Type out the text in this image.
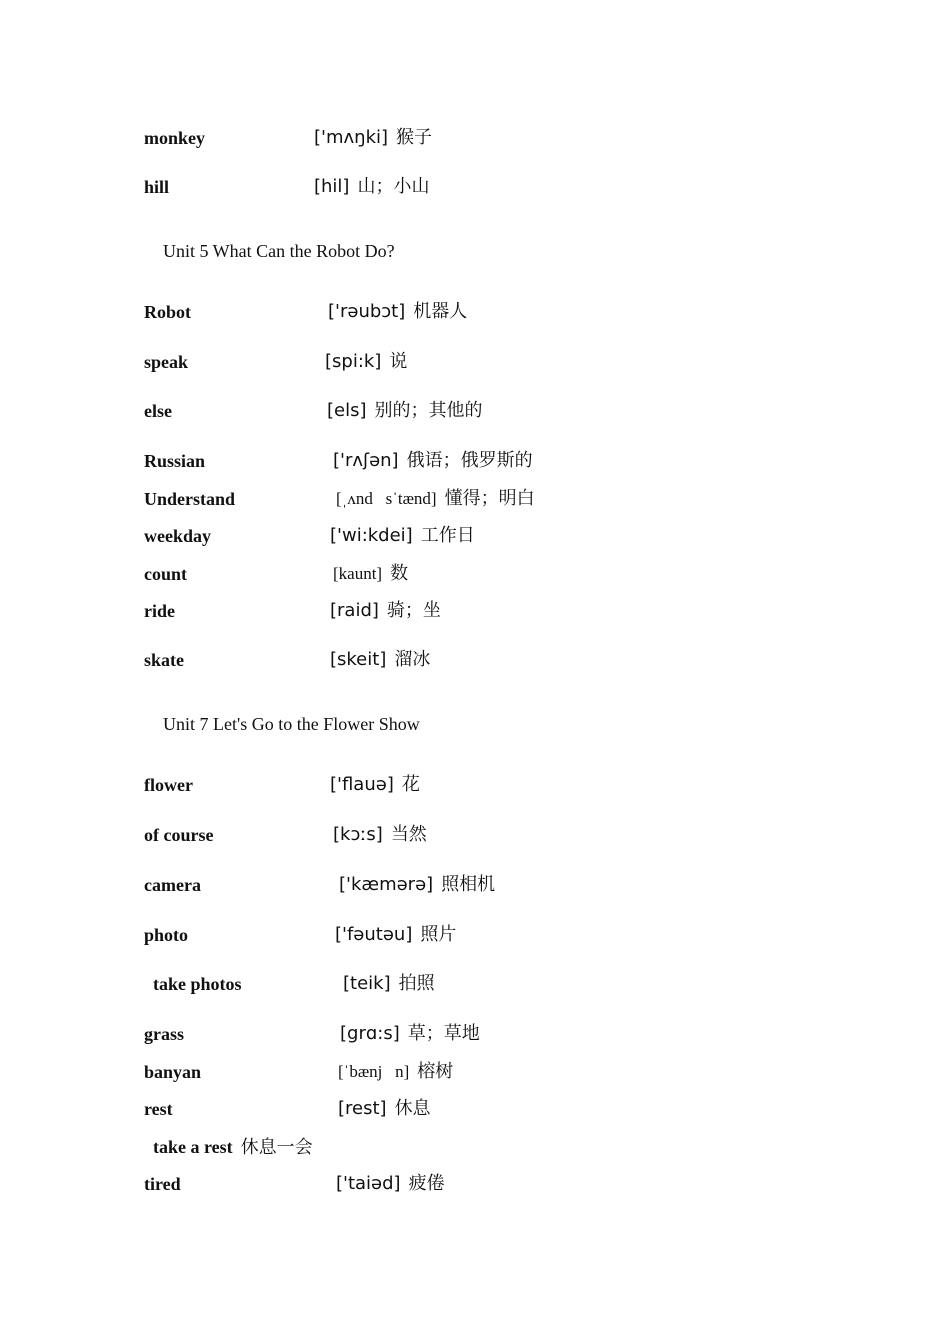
monkey	['mʌŋki] 猴子
hill	[hil] 山；小山
Unit 5 What Can the Robot Do?
Robot	['rəubɔt] 机器人
speak	[spi:k] 说
else	[els] 别的；其他的
Russian	['rʌʃən] 俄语；俄罗斯的
Understand	[ˌʌnd   sˈtænd] 懂得；明白
weekday	['wi:kdei] 工作日
count	[kaunt] 数
ride	[raid] 骑；坐
skate	[skeit] 溜冰
Unit 7 Let's Go to the Flower Show
flower	['flauə] 花
of course	[kɔːs] 当然
camera	['kæmərə] 照相机
photo	['fəutəu] 照片
take photos	[teik] 拍照
grass	[grɑ:s] 草；草地
banyan	[ˈbænj   n] 榕树
rest	[rest] 休息
take a rest 休息一会
tired	['taiəd] 疲倦
